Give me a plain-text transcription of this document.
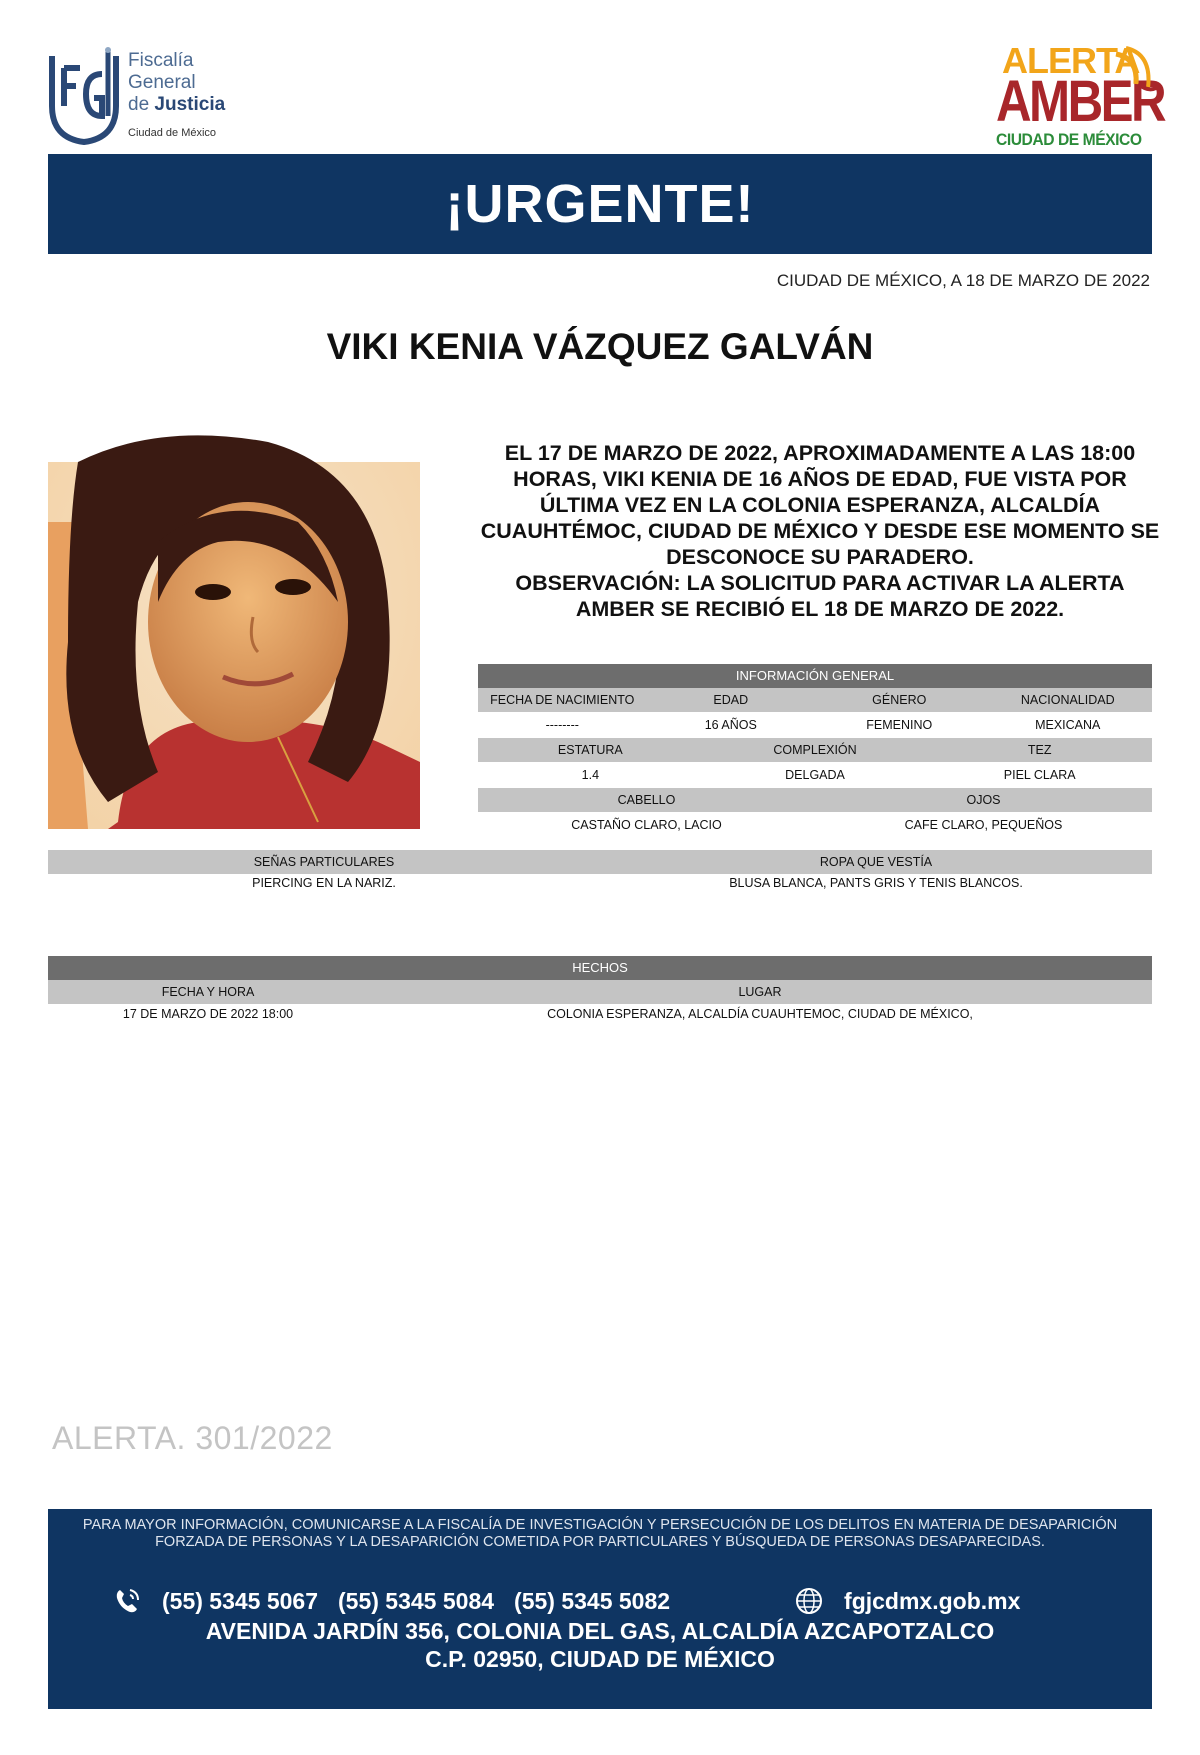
Fiscalía
General
de Justicia
Ciudad de México
ALERTA
AMBER
CIUDAD DE MÉXICO
¡URGENTE!
CIUDAD DE MÉXICO, A 18 DE MARZO DE 2022
VIKI KENIA VÁZQUEZ GALVÁN

EL 17 DE MARZO DE 2022, APROXIMADAMENTE A LAS 18:00 HORAS, VIKI KENIA DE 16 AÑOS DE EDAD, FUE VISTA POR ÚLTIMA VEZ EN LA COLONIA ESPERANZA, ALCALDÍA CUAUHTÉMOC, CIUDAD DE MÉXICO Y DESDE ESE MOMENTO SE DESCONOCE SU PARADERO.

OBSERVACIÓN: LA SOLICITUD PARA ACTIVAR LA ALERTA AMBER SE RECIBIÓ EL 18 DE MARZO DE 2022.

INFORMACIÓN GENERAL
FECHA DE NACIMIENTO	EDAD	GÉNERO	NACIONALIDAD
--------	16 AÑOS	FEMENINO	MEXICANA
ESTATURA	COMPLEXIÓN	TEZ
1.4	DELGADA	PIEL CLARA
CABELLO	OJOS
CASTAÑO CLARO, LACIO	CAFE CLARO, PEQUEÑOS
SEÑAS PARTICULARES	ROPA QUE VESTÍA
PIERCING EN LA NARIZ.	BLUSA BLANCA, PANTS GRIS Y TENIS BLANCOS.
HECHOS
FECHA Y HORA	LUGAR
17 DE MARZO DE 2022 18:00	COLONIA ESPERANZA, ALCALDÍA CUAUHTEMOC, CIUDAD DE MÉXICO,
ALERTA. 301/2022
PARA MAYOR INFORMACIÓN, COMUNICARSE A LA FISCALÍA DE INVESTIGACIÓN Y PERSECUCIÓN DE LOS DELITOS EN MATERIA DE DESAPARICIÓN
FORZADA DE PERSONAS Y LA DESAPARICIÓN COMETIDA POR PARTICULARES Y BÚSQUEDA DE PERSONAS DESAPARECIDAS.
(55) 5345 5067 (55) 5345 5084 (55) 5345 5082	fgjcdmx.gob.mx
AVENIDA JARDÍN 356, COLONIA DEL GAS, ALCALDÍA AZCAPOTZALCO
C.P. 02950, CIUDAD DE MÉXICO
